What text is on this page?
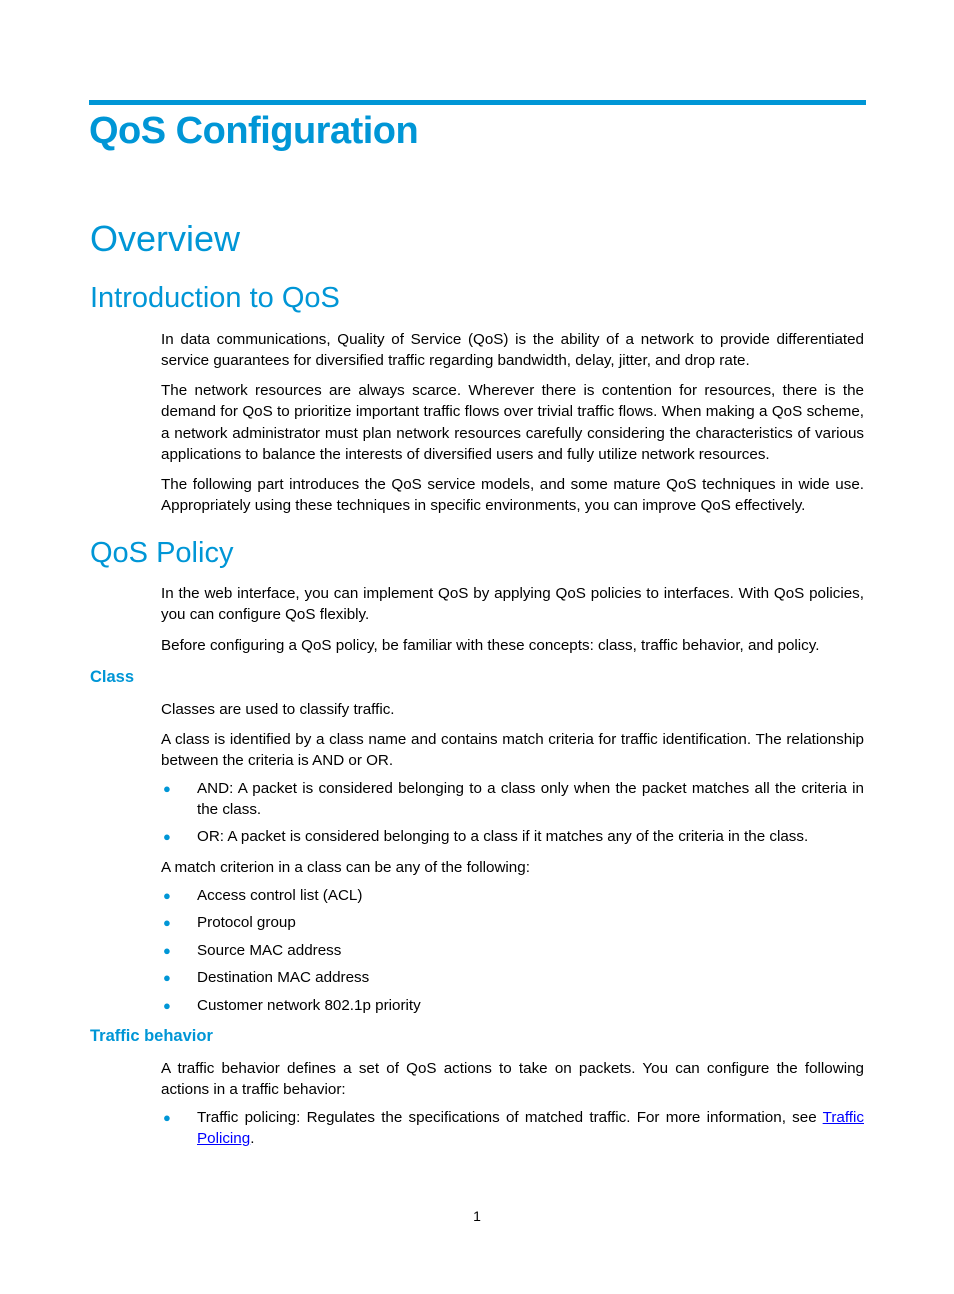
QoS Configuration
Overview
Introduction to QoS

In data communications, Quality of Service (QoS) is the ability of a network to provide differentiated service guarantees for diversified traffic regarding bandwidth, delay, jitter, and drop rate.

The network resources are always scarce. Wherever there is contention for resources, there is the demand for QoS to prioritize important traffic flows over trivial traffic flows. When making a QoS scheme, a network administrator must plan network resources carefully considering the characteristics of various applications to balance the interests of diversified users and fully utilize network resources.

The following part introduces the QoS service models, and some mature QoS techniques in wide use. Appropriately using these techniques in specific environments, you can improve QoS effectively.

QoS Policy

In the web interface, you can implement QoS by applying QoS policies to interfaces. With QoS policies, you can configure QoS flexibly.

Before configuring a QoS policy, be familiar with these concepts: class, traffic behavior, and policy.

Class

Classes are used to classify traffic.

A class is identified by a class name and contains match criteria for traffic identification. The relationship between the criteria is AND or OR.

● AND: A packet is considered belonging to a class only when the packet matches all the criteria in the class.
● OR: A packet is considered belonging to a class if it matches any of the criteria in the class.

A match criterion in a class can be any of the following:

● Access control list (ACL)
● Protocol group
● Source MAC address
● Destination MAC address
● Customer network 802.1p priority
Traffic behavior

A traffic behavior defines a set of QoS actions to take on packets. You can configure the following actions in a traffic behavior:

● Traffic policing: Regulates the specifications of matched traffic. For more information, see Traffic Policing.
1
